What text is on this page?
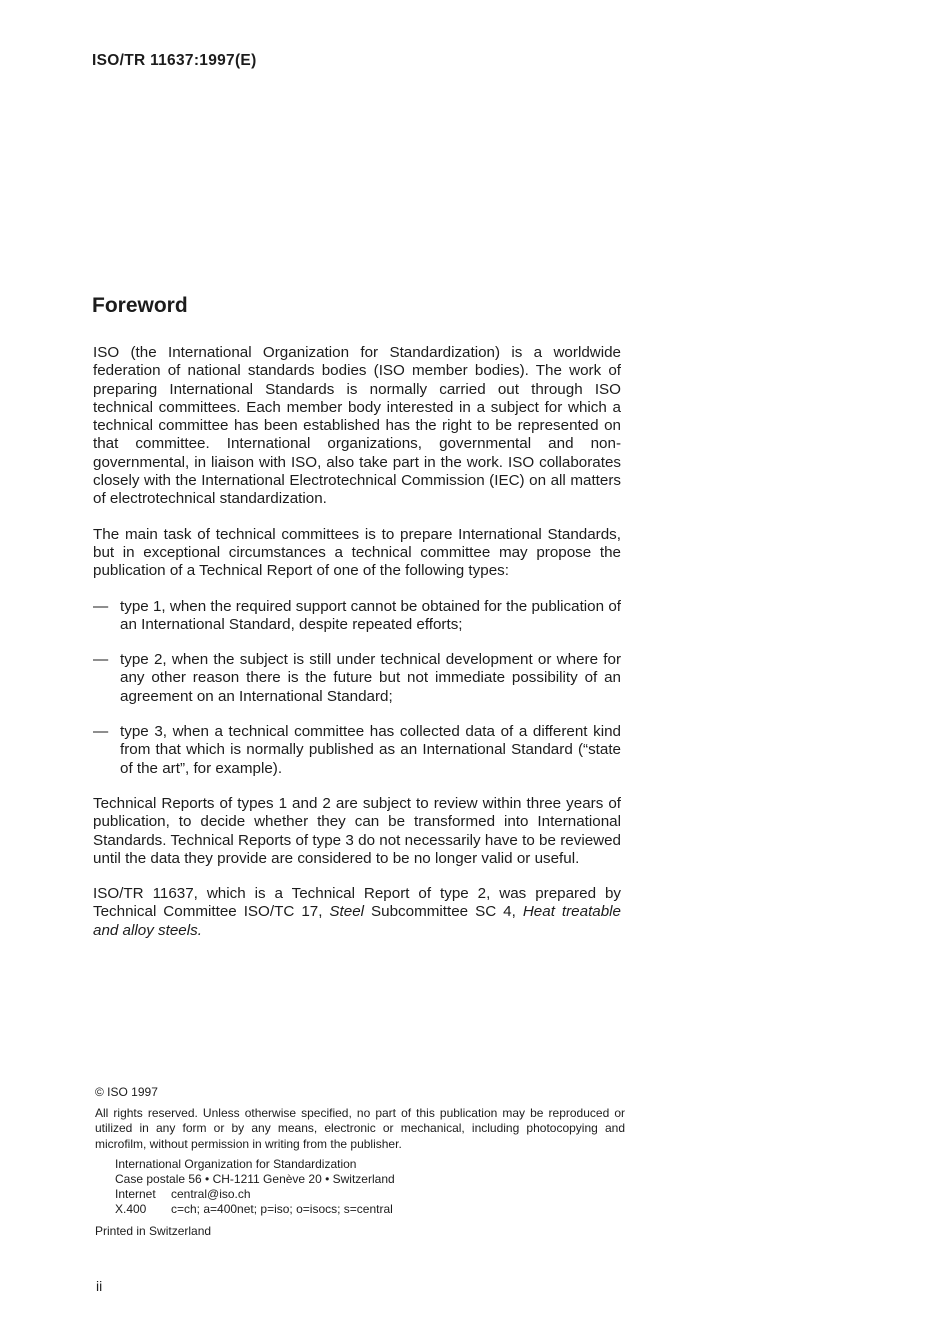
ISO/TR 11637:1997(E)
Foreword

ISO (the International Organization for Standardization) is a worldwide federation of national standards bodies (ISO member bodies). The work of preparing International Standards is normally carried out through ISO technical committees. Each member body interested in a subject for which a technical committee has been established has the right to be represented on that committee. International organizations, governmental and non-governmental, in liaison with ISO, also take part in the work. ISO collaborates closely with the International Electrotechnical Commission (IEC) on all matters of electrotechnical standardization.

The main task of technical committees is to prepare International Standards, but in exceptional circumstances a technical committee may propose the publication of a Technical Report of one of the following types:

— type 1, when the required support cannot be obtained for the publication of an International Standard, despite repeated efforts;
— type 2, when the subject is still under technical development or where for any other reason there is the future but not immediate possibility of an agreement on an International Standard;
— type 3, when a technical committee has collected data of a different kind from that which is normally published as an International Standard (“state of the art”, for example).

Technical Reports of types 1 and 2 are subject to review within three years of publication, to decide whether they can be transformed into International Standards. Technical Reports of type 3 do not necessarily have to be reviewed until the data they provide are considered to be no longer valid or useful.

ISO/TR 11637, which is a Technical Report of type 2, was prepared by Technical Committee ISO/TC 17, Steel Subcommittee SC 4, Heat treatable and alloy steels.

© ISO 1997

All rights reserved. Unless otherwise specified, no part of this publication may be reproduced or utilized in any form or by any means, electronic or mechanical, including photocopying and microfilm, without permission in writing from the publisher.

International Organization for Standardization
Case postale 56 • CH-1211 Genève 20 • Switzerland
Internet central@iso.ch
X.400 c=ch; a=400net; p=iso; o=isocs; s=central

Printed in Switzerland

ii
